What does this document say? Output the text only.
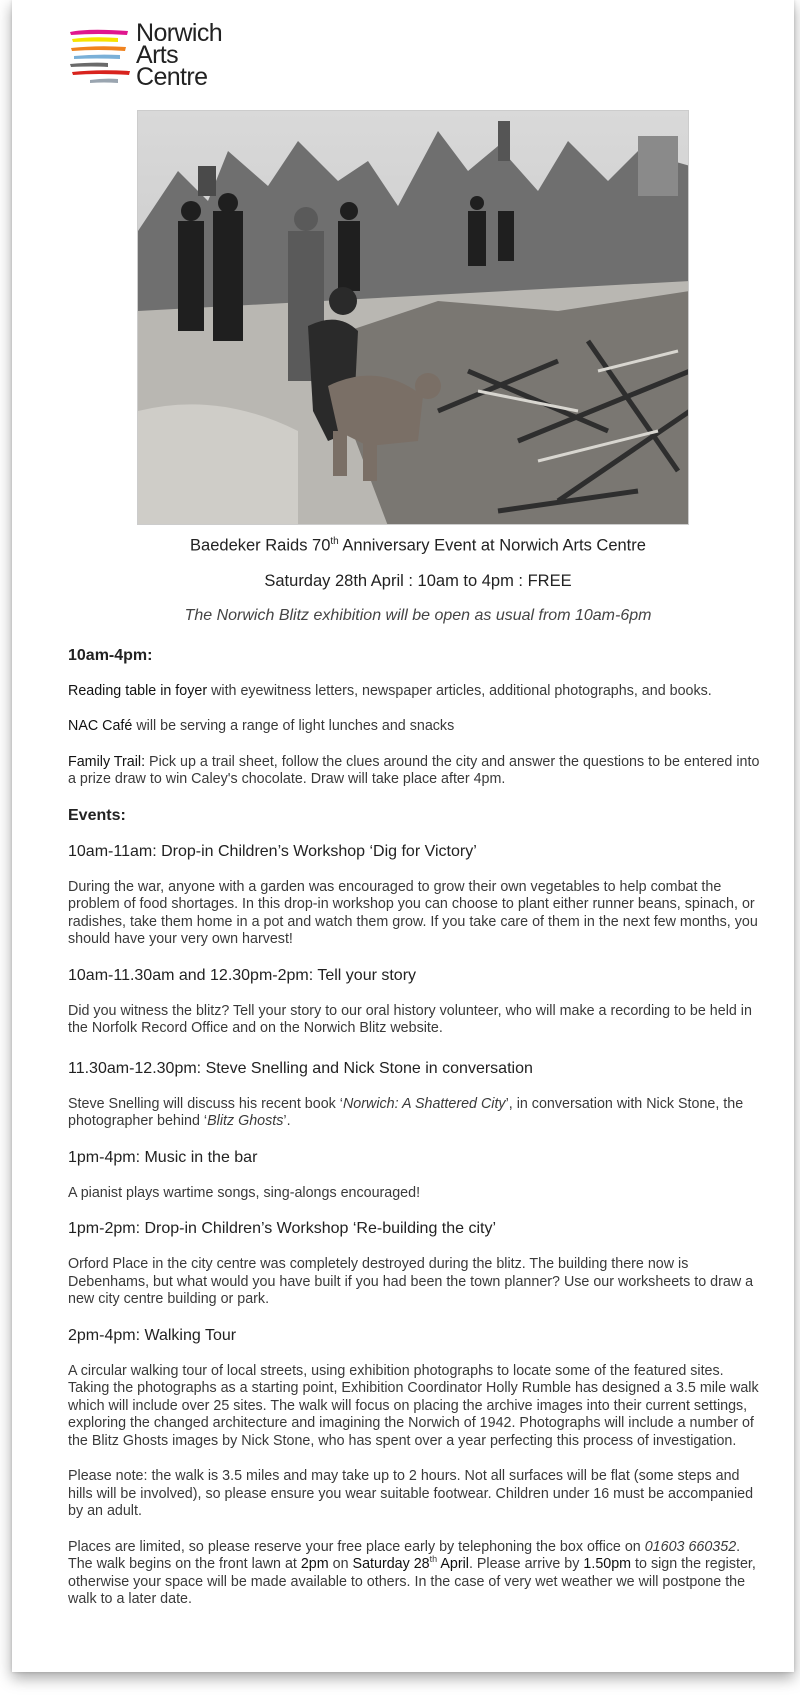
Norwich
Arts
Centre
Baedeker Raids 70th Anniversary Event at Norwich Arts Centre
Saturday 28th April : 10am to 4pm : FREE
The Norwich Blitz exhibition will be open as usual from 10am-6pm
10am-4pm:

Reading table in foyer with eyewitness letters, newspaper articles, additional photographs, and books.

NAC Café will be serving a range of light lunches and snacks

Family Trail: Pick up a trail sheet, follow the clues around the city and answer the questions to be entered into a prize draw to win Caley's chocolate. Draw will take place after 4pm.

Events:
10am-11am: Drop-in Children’s Workshop ‘Dig for Victory’

During the war, anyone with a garden was encouraged to grow their own vegetables to help combat the problem of food shortages. In this drop-in workshop you can choose to plant either runner beans, spinach, or radishes, take them home in a pot and watch them grow. If you take care of them in the next few months, you should have your very own harvest!

10am-11.30am and 12.30pm-2pm: Tell your story

Did you witness the blitz? Tell your story to our oral history volunteer, who will make a recording to be held in the Norfolk Record Office and on the Norwich Blitz website.

11.30am-12.30pm: Steve Snelling and Nick Stone in conversation

Steve Snelling will discuss his recent book ‘Norwich: A Shattered City’, in conversation with Nick Stone, the photographer behind ‘Blitz Ghosts’.

1pm-4pm: Music in the bar

A pianist plays wartime songs, sing-alongs encouraged!

1pm-2pm: Drop-in Children’s Workshop ‘Re-building the city’

Orford Place in the city centre was completely destroyed during the blitz. The building there now is Debenhams, but what would you have built if you had been the town planner? Use our worksheets to draw a new city centre building or park.

2pm-4pm: Walking Tour

A circular walking tour of local streets, using exhibition photographs to locate some of the featured sites. Taking the photographs as a starting point, Exhibition Coordinator Holly Rumble has designed a 3.5 mile walk which will include over 25 sites. The walk will focus on placing the archive images into their current settings, exploring the changed architecture and imagining the Norwich of 1942. Photographs will include a number of the Blitz Ghosts images by Nick Stone, who has spent over a year perfecting this process of investigation.

Please note: the walk is 3.5 miles and may take up to 2 hours. Not all surfaces will be flat (some steps and hills will be involved), so please ensure you wear suitable footwear. Children under 16 must be accompanied by an adult.

Places are limited, so please reserve your free place early by telephoning the box office on 01603 660352. The walk begins on the front lawn at 2pm on Saturday 28th April. Please arrive by 1.50pm to sign the register, otherwise your space will be made available to others. In the case of very wet weather we will postpone the walk to a later date.
